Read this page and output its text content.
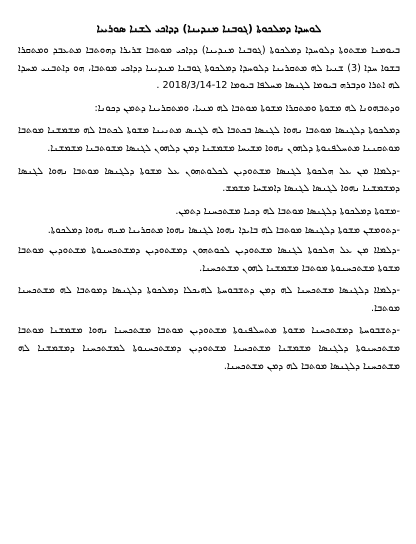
ܠܘܚܕܐ ܕܡܠܟܘܬܐ (ܓܘܒܢܐ ܡܢܕܝܢܐ) ܕܕܐܟܝ ܠܫܢܐ ܣܘܪܝܝܐ

ܒܝܘܡܢܐ ܡܫܬܘܬܐ ܕܠܘܚܕܐ ܕܡܠܟܘܬܐ (ܓܘܒܢܐ ܡܢܕܝܢܐ) ܕܕܐܟܝ ܡܘܬܒܐ ܫܪܝܪܐ ܕܗܘܬܒܐ ܡܬܥܒܕ ܘܡܬܩܪܐ ܒܫܘܐ ܚܕܐ (3) ܫܢܝܐ ܠܗ ܡܬܩܪܝܢܐ ܕܠܘܚܕܐ ܕܡܠܟܘܬܐ ܓܘܒܢܐ ܡܢܕܝܢܐ ܕܕܐܟܝ ܡܘܬܒܐ، ܗܘ ܕܐܬܒܢܝ ܡܚܕܐ ܠܗ ܐܬܪܐ ܘܕܒܪܗ ܒܝܘܡܐ ܠܓܢܣܐ ܡܚܠܦܐ ܒܝܘܡܐ 12-2018/3/14 .

ܘܕܬܒܗܘܢܐ ܠܗ ܡܫܘܬܐ ܘܡܬܩܪܐ ܡܫܘܬܐ ܡܘܬܒܐ ܠܗ ܡܢܝܐ، ܘܡܬܩܪܝܢܐ ܕܬܡܢ ܕܟܘܢܐ:

ܕܡܠܟܘܬܐ ܕܠܓܢܣܐ ܡܘܬܒܐ ܢܗܘܐ ܠܓܢܣܐ ܒܟܬܒܐ ܠܗ ܠܓܢܣ ܡܬܢܝܢܐ ܡܫܘܬܐ ܠܟܬܒܐ ܠܗ ܡܫܡܫܢܐ ܡܘܬܒܐ ܡܘܬܩܢܢܐ ܡܬܚܠܦܢܘܬܐ ܕܠܗܘܢ ܢܗܘܐ ܡܫܝܚܐ ܡܫܡܫܢܐ ܕܡܢ ܕܠܗܘܢ ܠܓܢܣܐ ܡܫܘܬܒܢܐ ܡܫܡܫܢܐ.

-ܕܠܡܐܐ ܡܢ ܥܠ ܗܠܟܘܬܐ ܠܓܢܣܐ ܡܫܬܘܕܝܢ ܠܟܠܘܬܗܘܢ ܥܠ ܡܫܘܬܐ ܕܠܓܢܣܐ ܡܘܬܒܐ ܢܗܘܐ ܠܓܢܣܐ ܕܡܫܡܫܢܐ ܢܗܘܐ ܠܓܢܣܐ ܠܓܢܣܐ ܕܐܡܫܚܐ ܡܫܡܫ.

-ܡܫܘܬܐ ܕܡܠܟܘܬܐ ܕܠܓܢܣܐ ܡܘܬܒܐ ܠܗ ܕܟܝܐ ܡܫܬܟܚܢܐ ܕܬܡܢ.

-ܕܬܘܡܫܢ ܡܫܘܬܐ ܕܠܓܢܣܐ ܡܘܬܒܐ ܠܗ ܒܐܝܕܐ ܢܗܘܐ ܠܓܢܣܐ ܢܗܘܐ ܡܬܩܪܝܢܐ ܡܢܗ ܢܗܘܐ ܕܡܠܟܘܬܐ.

-ܕܠܡܐܐ ܡܢ ܥܠ ܗܠܟܘܬܐ ܠܓܢܣܐ ܡܫܬܘܕܝܢ ܠܟܘܬܗܘܢ ܕܡܫܬܘܕܝܢ ܕܡܫܬܟܚܢܘܬܐ ܡܫܬܘܕܝܢ ܡܘܬܒܐ ܡܫܘܬܐ ܡܫܬܟܚܢܘܬܐ ܡܘܬܒܐ ܡܫܡܫܢܐ ܠܗܘܢ ܡܫܬܟܚܢܐ.

-ܕܠܡܐܐ ܕܠܓܢܣܐ ܡܫܬܟܚܢܐ ܠܗ ܕܡܢ ܕܬܫܒܘܚܬܐ ܠܗܝܟܠܐ ܕܡܠܟܘܬܐ ܕܠܓܢܣܐ ܕܡܘܬܒܐ ܠܗ ܡܫܬܟܚܢܐ ܡܘܬܒܐ.

-ܕܬܫܒܘܚܬܐ ܕܡܫܬܟܚܢܐ ܡܫܘܬܐ ܡܬܚܠܦܢܘܬܐ ܡܫܬܘܕܝܢ ܡܘܬܒܐ ܡܫܬܟܚܢܐ ܢܗܘܐ ܡܫܡܫܢܐ ܡܘܬܒܐ ܡܫܬܟܚܢܘܬܐ ܕܠܓܢܣܐ ܡܫܡܫܢܐ ܡܫܬܟܚܢܐ ܡܫܬܘܕܝܢ ܕܡܫܬܟܚܢܘܬܐ ܠܡܫܬܟܚܢܐ ܕܡܫܡܫܢܐ ܠܗ ܡܫܬܟܚܢܐ ܕܠܓܢܣܐ ܡܘܬܒܐ ܠܗ ܕܡܢ ܡܫܬܟܚܢܐ.
